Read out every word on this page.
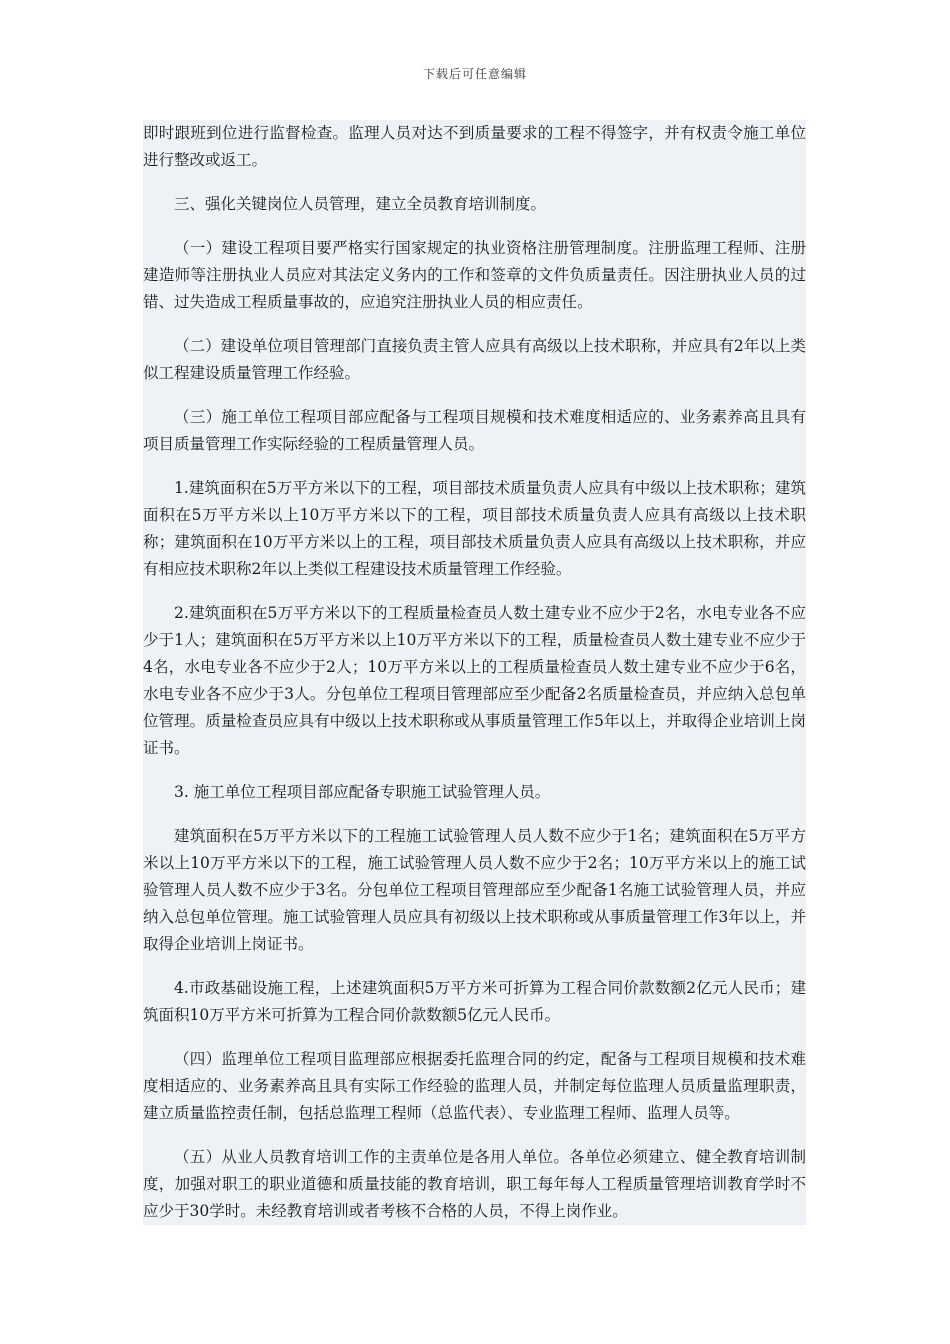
下载后可任意编辑

即时跟班到位进行监督检查。监理人员对达不到质量要求的工程不得签字，并有权责令施工单位进行整改或返工。

三、强化关键岗位人员管理，建立全员教育培训制度。

（一）建设工程项目要严格实行国家规定的执业资格注册管理制度。注册监理工程师、注册建造师等注册执业人员应对其法定义务内的工作和签章的文件负质量责任。因注册执业人员的过错、过失造成工程质量事故的，应追究注册执业人员的相应责任。

（二）建设单位项目管理部门直接负责主管人应具有高级以上技术职称，并应具有2年以上类似工程建设质量管理工作经验。

（三）施工单位工程项目部应配备与工程项目规模和技术难度相适应的、业务素养高且具有项目质量管理工作实际经验的工程质量管理人员。

1.建筑面积在5万平方米以下的工程，项目部技术质量负责人应具有中级以上技术职称；建筑面积在5万平方米以上10万平方米以下的工程，项目部技术质量负责人应具有高级以上技术职称；建筑面积在10万平方米以上的工程，项目部技术质量负责人应具有高级以上技术职称，并应有相应技术职称2年以上类似工程建设技术质量管理工作经验。

2.建筑面积在5万平方米以下的工程质量检查员人数土建专业不应少于2名，水电专业各不应少于1人；建筑面积在5万平方米以上10万平方米以下的工程，质量检查员人数土建专业不应少于4名，水电专业各不应少于2人；10万平方米以上的工程质量检查员人数土建专业不应少于6名，水电专业各不应少于3人。分包单位工程项目管理部应至少配备2名质量检查员，并应纳入总包单位管理。质量检查员应具有中级以上技术职称或从事质量管理工作5年以上，并取得企业培训上岗证书。

3. 施工单位工程项目部应配备专职施工试验管理人员。

建筑面积在5万平方米以下的工程施工试验管理人员人数不应少于1名；建筑面积在5万平方米以上10万平方米以下的工程，施工试验管理人员人数不应少于2名；10万平方米以上的施工试验管理人员人数不应少于3名。分包单位工程项目管理部应至少配备1名施工试验管理人员，并应纳入总包单位管理。施工试验管理人员应具有初级以上技术职称或从事质量管理工作3年以上，并取得企业培训上岗证书。

4.市政基础设施工程，上述建筑面积5万平方米可折算为工程合同价款数额2亿元人民币；建筑面积10万平方米可折算为工程合同价款数额5亿元人民币。

（四）监理单位工程项目监理部应根据委托监理合同的约定，配备与工程项目规模和技术难度相适应的、业务素养高且具有实际工作经验的监理人员，并制定每位监理人员质量监理职责，建立质量监控责任制，包括总监理工程师（总监代表）、专业监理工程师、监理人员等。

（五）从业人员教育培训工作的主责单位是各用人单位。各单位必须建立、健全教育培训制度，加强对职工的职业道德和质量技能的教育培训，职工每年每人工程质量管理培训教育学时不应少于30学时。未经教育培训或者考核不合格的人员，不得上岗作业。
